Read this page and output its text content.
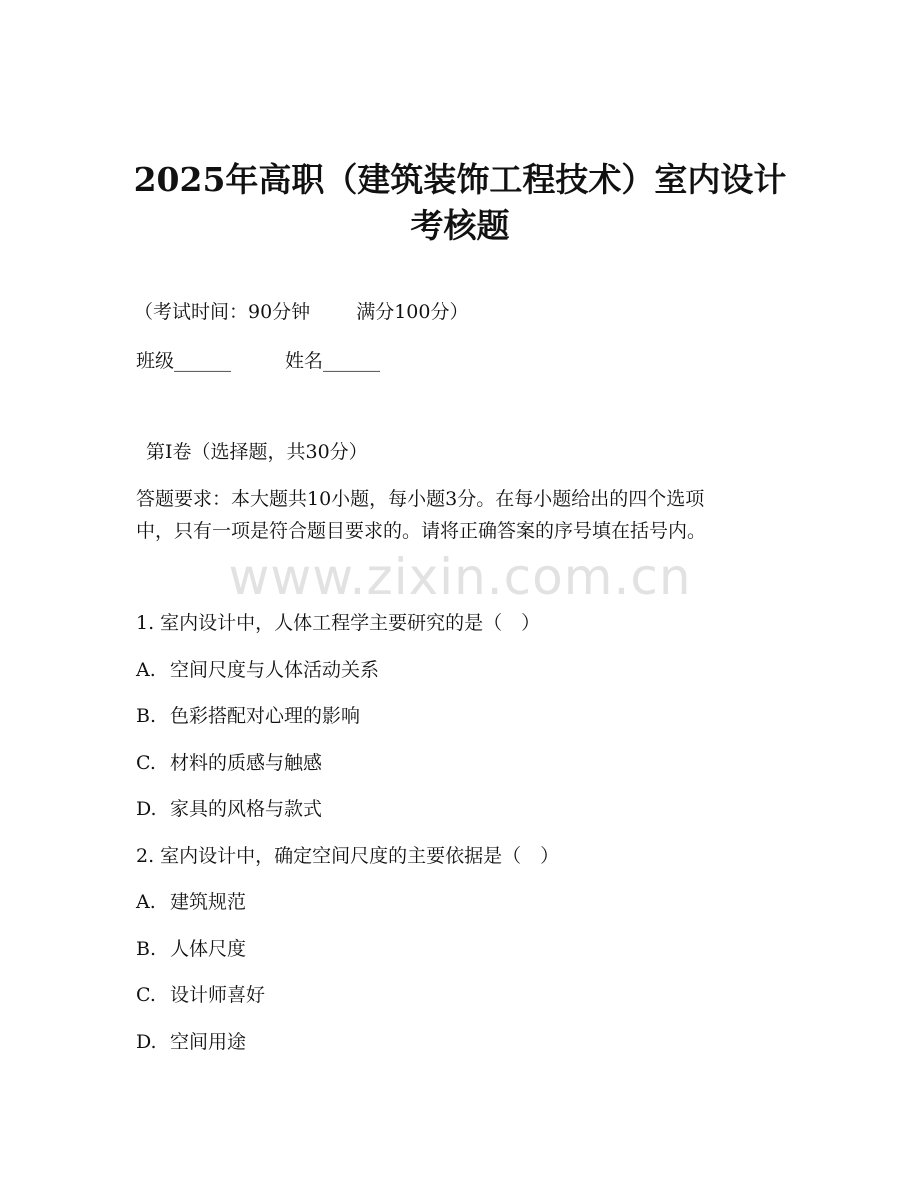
2025年高职（建筑装饰工程技术）室内设计
考核题
（考试时间：90分钟 满分100分）
班级______	姓名______
第Ⅰ卷（选择题，共30分）
答题要求：本大题共10小题，每小题3分。在每小题给出的四个选项
中，只有一项是符合题目要求的。请将正确答案的序号填在括号内。
www.zixin.com.cn
1. 室内设计中，人体工程学主要研究的是（　）
A. 空间尺度与人体活动关系
B. 色彩搭配对心理的影响
C. 材料的质感与触感
D. 家具的风格与款式
2. 室内设计中，确定空间尺度的主要依据是（　）
A. 建筑规范
B. 人体尺度
C. 设计师喜好
D. 空间用途
